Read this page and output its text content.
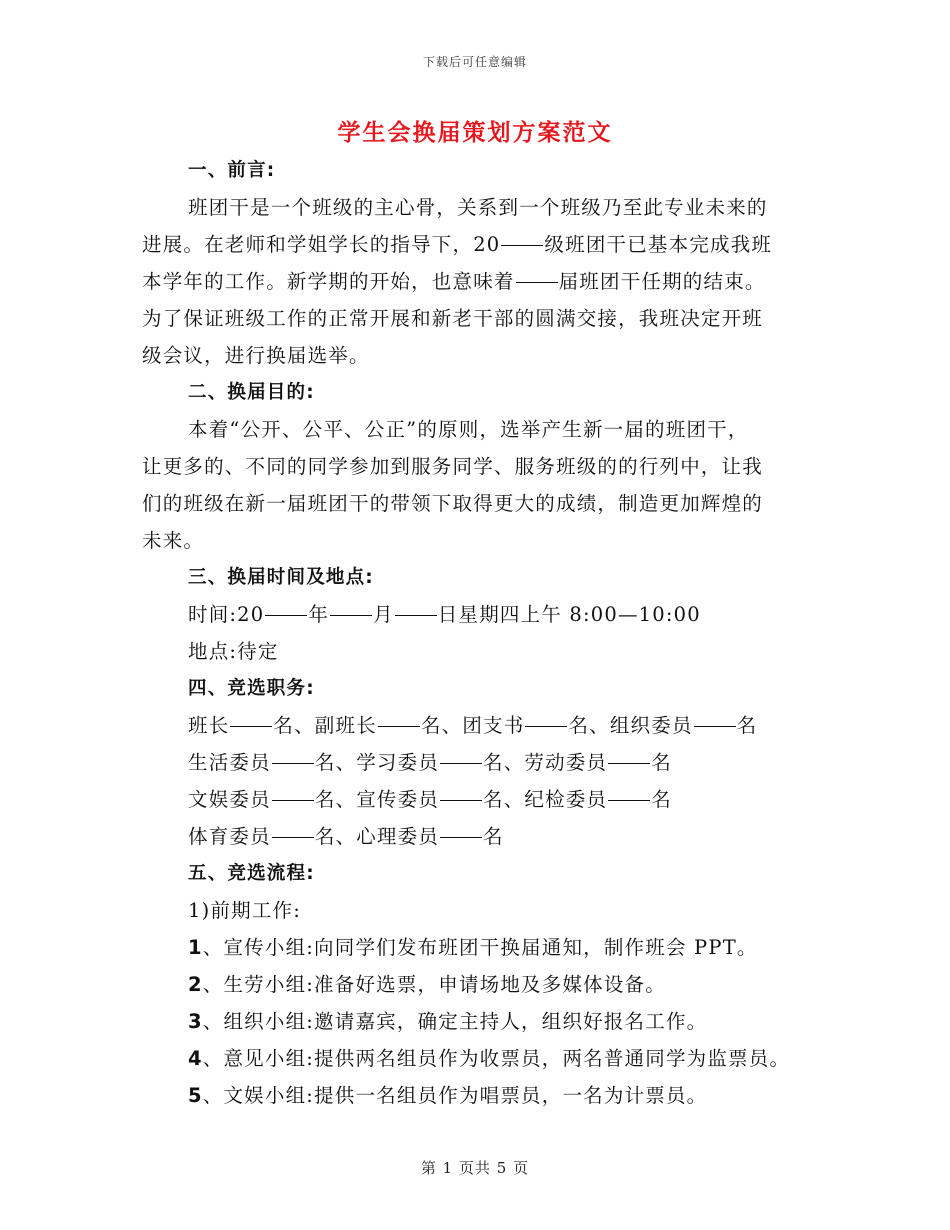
下载后可任意编辑
学生会换届策划方案范文
一、前言:
班团干是一个班级的主心骨，关系到一个班级乃至此专业未来的
进展。在老师和学姐学长的指导下，20 级班团干已基本完成我班
本学年的工作。新学期的开始，也意味着 届班团干任期的结束。
为了保证班级工作的正常开展和新老干部的圆满交接，我班决定开班
级会议，进行换届选举。
二、换届目的:
本着“公开、公平、公正”的原则，选举产生新一届的班团干，
让更多的、不同的同学参加到服务同学、服务班级的的行列中，让我
们的班级在新一届班团干的带领下取得更大的成绩，制造更加辉煌的
未来。
三、换届时间及地点:
时间:20 年 月 日星期四上午 8:00—10:00
地点:待定
四、竞选职务:
班长 名、副班长 名、团支书 名、组织委员 名
生活委员 名、学习委员 名、劳动委员 名
文娱委员 名、宣传委员 名、纪检委员 名
体育委员 名、心理委员 名
五、竞选流程:
1)前期工作:
1、宣传小组:向同学们发布班团干换届通知，制作班会 PPT。
2、生劳小组:准备好选票，申请场地及多媒体设备。
3、组织小组:邀请嘉宾，确定主持人，组织好报名工作。
4、意见小组:提供两名组员作为收票员，两名普通同学为监票员。
5、文娱小组:提供一名组员作为唱票员，一名为计票员。
第 1 页共 5 页
